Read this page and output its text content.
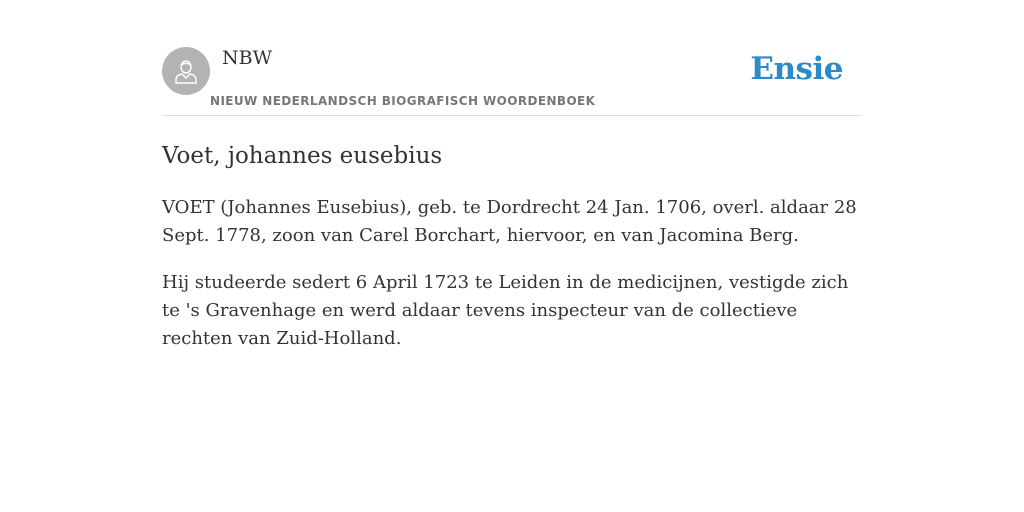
NBW
NIEUW NEDERLANDSCH BIOGRAFISCH WOORDENBOEK
Ensie
Voet, johannes eusebius

VOET (Johannes Eusebius), geb. te Dordrecht 24 Jan. 1706, overl. aldaar 28 Sept. 1778, zoon van Carel Borchart, hiervoor, en van Jacomina Berg.

Hij studeerde sedert 6 April 1723 te Leiden in de medicijnen, vestigde zich te 's Gravenhage en werd aldaar tevens inspecteur van de collectieve rechten van Zuid-Holland.
